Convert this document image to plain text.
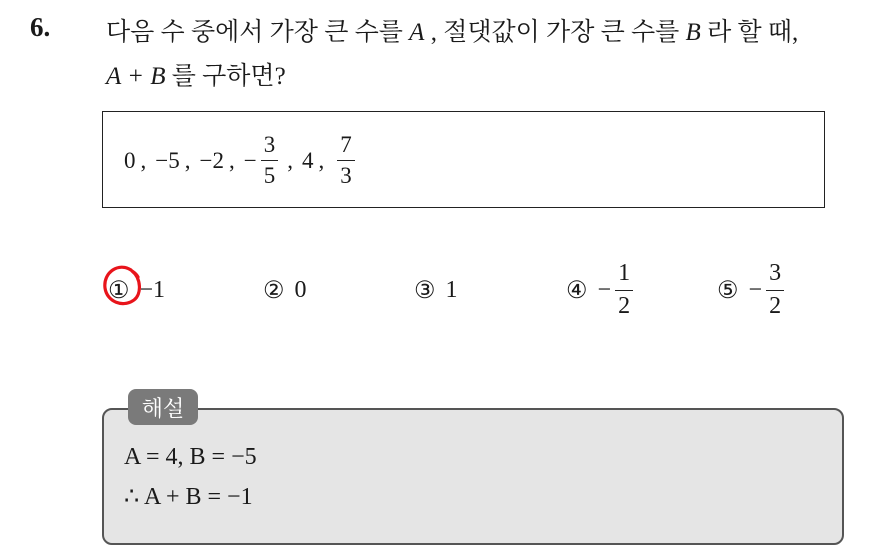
6. 다음 수 중에서 가장 큰 수를 A , 절댓값이 가장 큰 수를 B 라 할 때,
A + B 를 구하면?
0 , −5 , −2 , − $\frac{3}{5}$ , 4 , $\frac{7}{3}$
① −1	② 0	③ 1	④ − $\frac{1}{2}$	⑤ − $\frac{3}{2}$
해설
A = 4, B = −5
∴ A + B = −1
